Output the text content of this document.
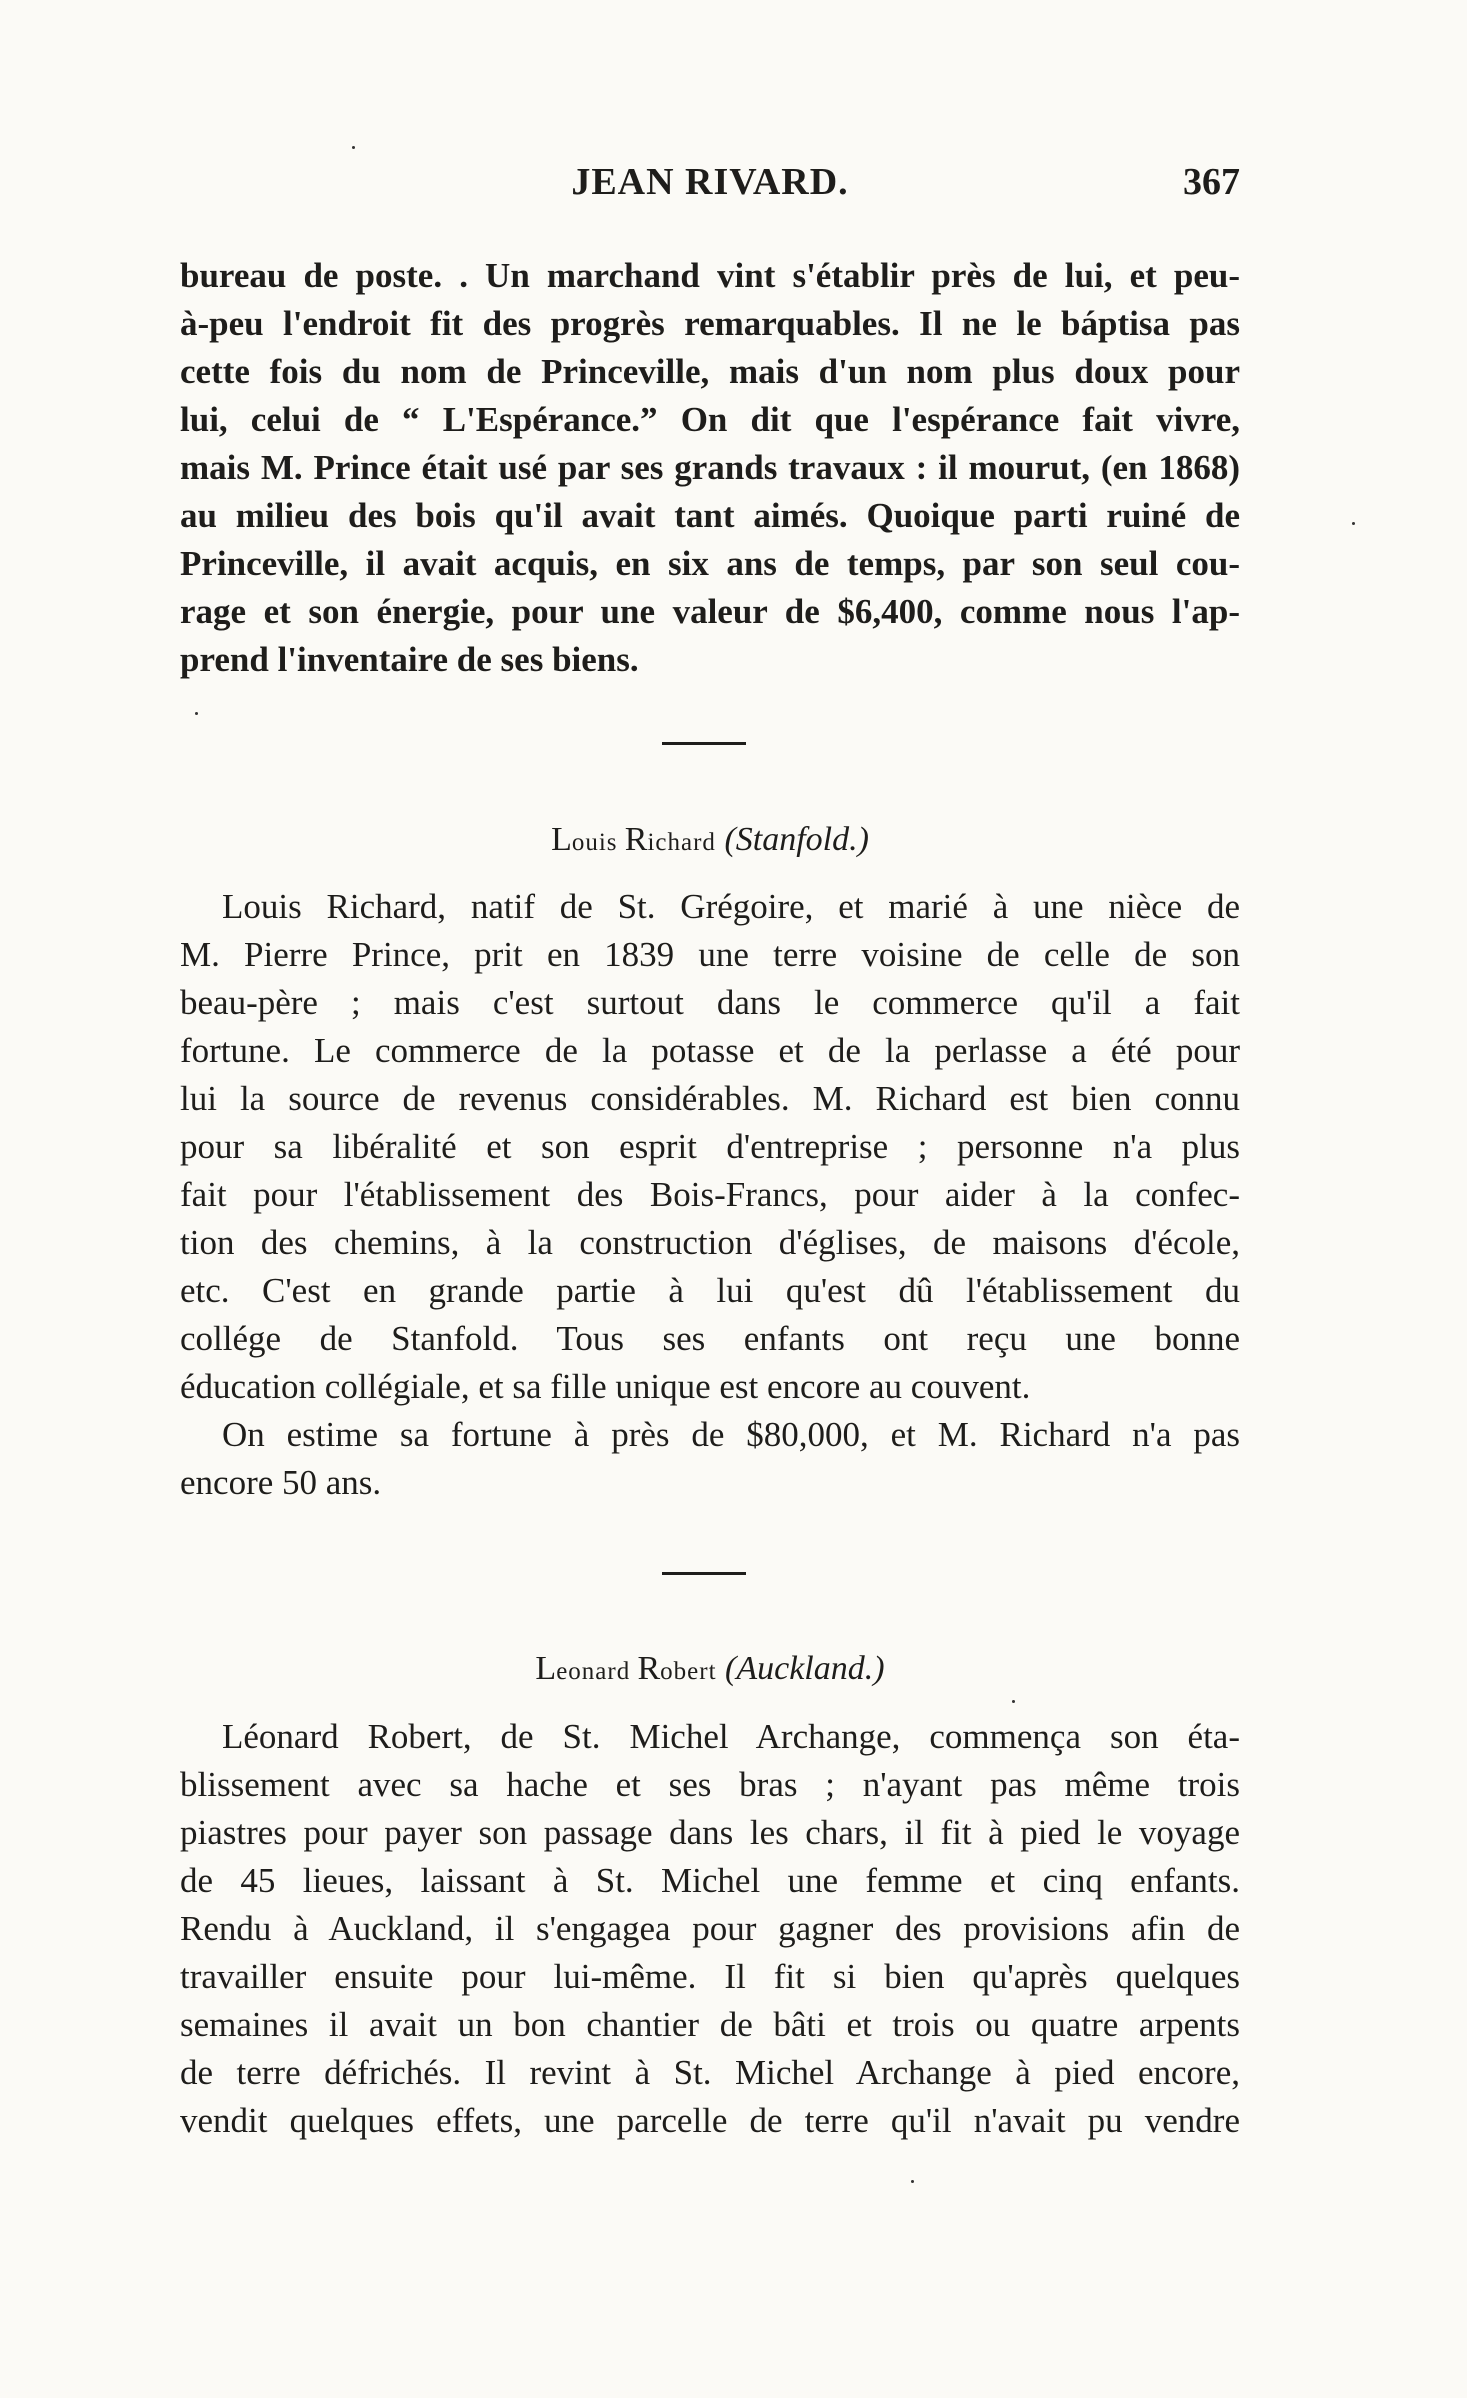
JEAN RIVARD.	367
bureau de poste. . Un marchand vint s'établir près de lui, et peu-
à-peu l'endroit fit des progrès remarquables. Il ne le báptisa pas
cette fois du nom de Princeville, mais d'un nom plus doux pour
lui, celui de “ L'Espérance.” On dit que l'espérance fait vivre,
mais M. Prince était usé par ses grands travaux : il mourut, (en 1868)
au milieu des bois qu'il avait tant aimés. Quoique parti ruiné de
Princeville, il avait acquis, en six ans de temps, par son seul cou-
rage et son énergie, pour une valeur de $6,400, comme nous l'ap-
prend l'inventaire de ses biens.
Louis Richard (Stanfold.)
Louis Richard, natif de St. Grégoire, et marié à une nièce de
M. Pierre Prince, prit en 1839 une terre voisine de celle de son
beau-père ; mais c'est surtout dans le commerce qu'il a fait
fortune. Le commerce de la potasse et de la perlasse a été pour
lui la source de revenus considérables. M. Richard est bien connu
pour sa libéralité et son esprit d'entreprise ; personne n'a plus
fait pour l'établissement des Bois-Francs, pour aider à la confec-
tion des chemins, à la construction d'églises, de maisons d'école,
etc. C'est en grande partie à lui qu'est dû l'établissement du
collége de Stanfold. Tous ses enfants ont reçu une bonne
éducation collégiale, et sa fille unique est encore au couvent.
On estime sa fortune à près de $80,000, et M. Richard n'a pas
encore 50 ans.
Leonard Robert (Auckland.)
Léonard Robert, de St. Michel Archange, commença son éta-
blissement avec sa hache et ses bras ; n'ayant pas même trois
piastres pour payer son passage dans les chars, il fit à pied le voyage
de 45 lieues, laissant à St. Michel une femme et cinq enfants.
Rendu à Auckland, il s'engagea pour gagner des provisions afin de
travailler ensuite pour lui-même. Il fit si bien qu'après quelques
semaines il avait un bon chantier de bâti et trois ou quatre arpents
de terre défrichés. Il revint à St. Michel Archange à pied encore,
vendit quelques effets, une parcelle de terre qu'il n'avait pu vendre
